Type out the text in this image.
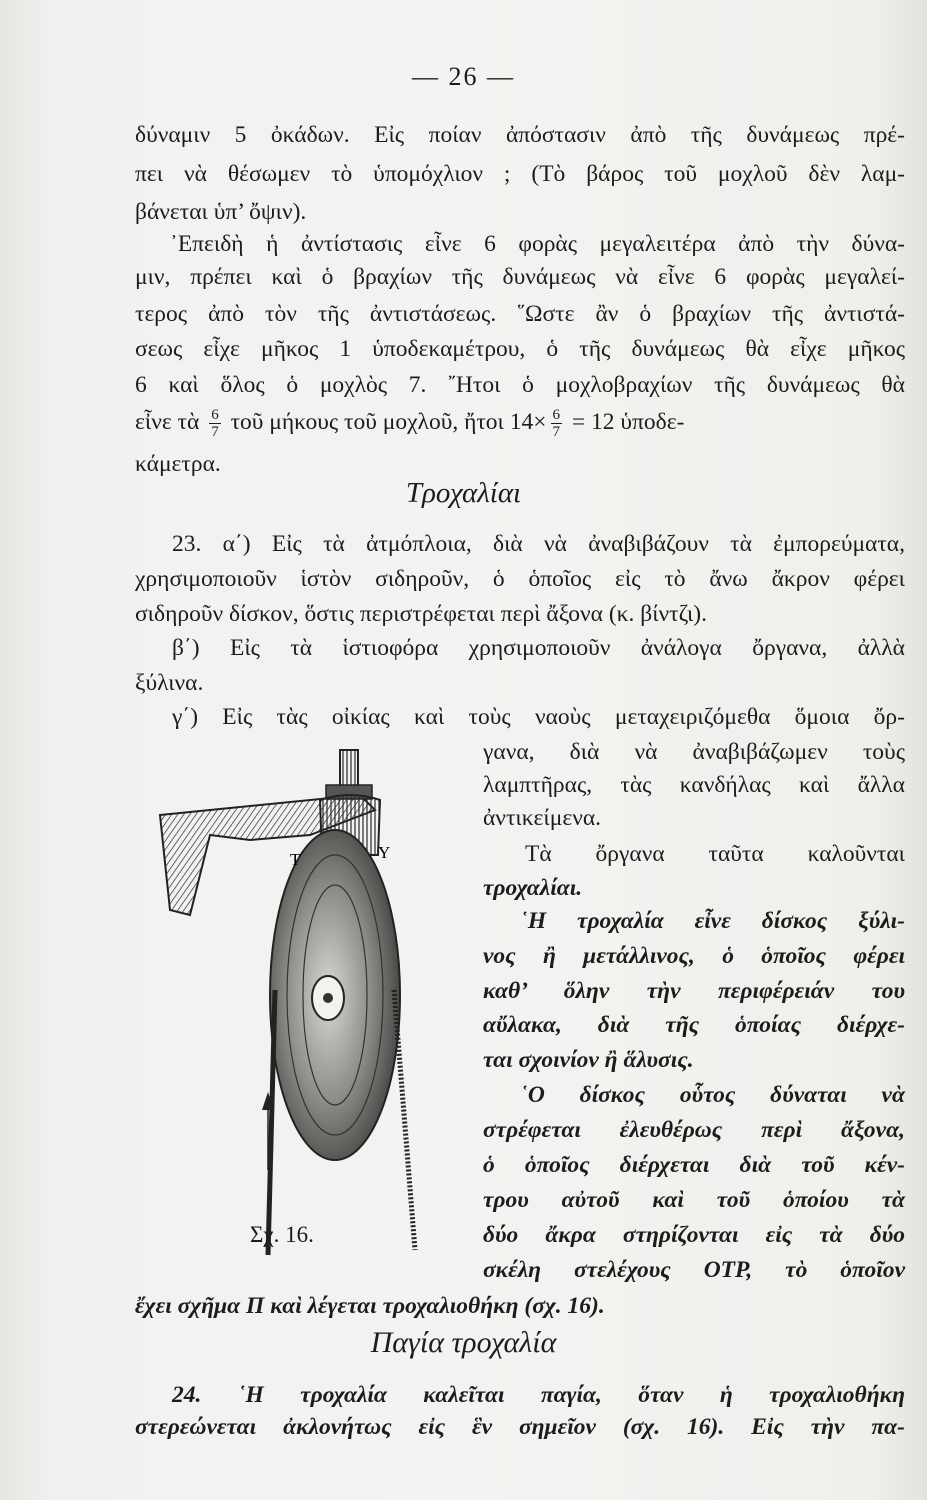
— 26 —
δύναμιν 5 ὀκάδων. Εἰς ποίαν ἀπόστασιν ἀπὸ τῆς δυνάμεως πρέ-
πει νὰ θέσωμεν τὸ ὑπομόχλιον ; (Τὸ βάρος τοῦ μοχλοῦ δὲν λαμ-
βάνεται ὑπ’ ὄψιν).
᾿Επειδὴ ἡ ἀντίστασις εἶνε 6 φορὰς μεγαλειτέρα ἀπὸ τὴν δύνα-
μιν, πρέπει καὶ ὁ βραχίων τῆς δυνάμεως νὰ εἶνε 6 φορὰς μεγαλεί-
τερος ἀπὸ τὸν τῆς ἀντιστάσεως. ῞Ωστε ἂν ὁ βραχίων τῆς ἀντιστά-
σεως εἶχε μῆκος 1 ὑποδεκαμέτρου, ὁ τῆς δυνάμεως θὰ εἶχε μῆκος
6 καὶ ὅλος ὁ μοχλὸς 7. ῎Ητοι ὁ μοχλοβραχίων τῆς δυνάμεως θὰ
εἶνε τὰ $\frac{6}{7}$ τοῦ μήκους τοῦ μοχλοῦ, ἤτοι $14\times \frac{6}{7} = 12$ ὑποδε-
κάμετρα.
Τροχαλίαι
23. α΄) Εἰς τὰ ἀτμόπλοια, διὰ νὰ ἀναβιβάζουν τὰ ἐμπορεύματα,
χρησιμοποιοῦν ἱστὸν σιδηροῦν, ὁ ὁποῖος εἰς τὸ ἄνω ἄκρον φέρει
σιδηροῦν δίσκον, ὅστις περιστρέφεται περὶ ἄξονα (κ. βίντζι).
β΄) Εἰς τὰ ἱστιοφόρα χρησιμοποιοῦν ἀνάλογα ὄργανα, ἀλλὰ
ξύλινα.
γ΄) Εἰς τὰς οἰκίας καὶ τοὺς ναοὺς μεταχειριζόμεθα ὅμοια ὄρ-
γανα, διὰ νὰ ἀναβιβάζωμεν τοὺς
λαμπτῆρας, τὰς κανδήλας καὶ ἄλλα
ἀντικείμενα.
Τὰ ὄργανα ταῦτα καλοῦνται
τροχαλίαι.
῾Η τροχαλία εἶνε δίσκος ξύλι-
νος ἢ μετάλλινος, ὁ ὁποῖος φέρει
καθ’ ὅλην τὴν περιφέρειάν του
αὔλακα, διὰ τῆς ὁποίας διέρχε-
ται σχοινίον ἢ ἅλυσις.
῾Ο δίσκος οὗτος δύναται νὰ
στρέφεται ἐλευθέρως περὶ ἄξονα,
ὁ ὁποῖος διέρχεται διὰ τοῦ κέν-
τρου αὐτοῦ καὶ τοῦ ὁποίου τὰ
δύο ἄκρα στηρίζονται εἰς τὰ δύο
σκέλη στελέχους ΟΤΡ, τὸ ὁποῖον
Τ	Υ
Σχ. 16.
ἔχει σχῆμα Π καὶ λέγεται τροχαλιοθήκη (σχ. 16).
Παγία τροχαλία
24. ῾Η τροχαλία καλεῖται παγία, ὅταν ἡ τροχαλιοθήκη
στερεώνεται ἀκλονήτως εἰς ἓν σημεῖον (σχ. 16). Εἰς τὴν πα-
